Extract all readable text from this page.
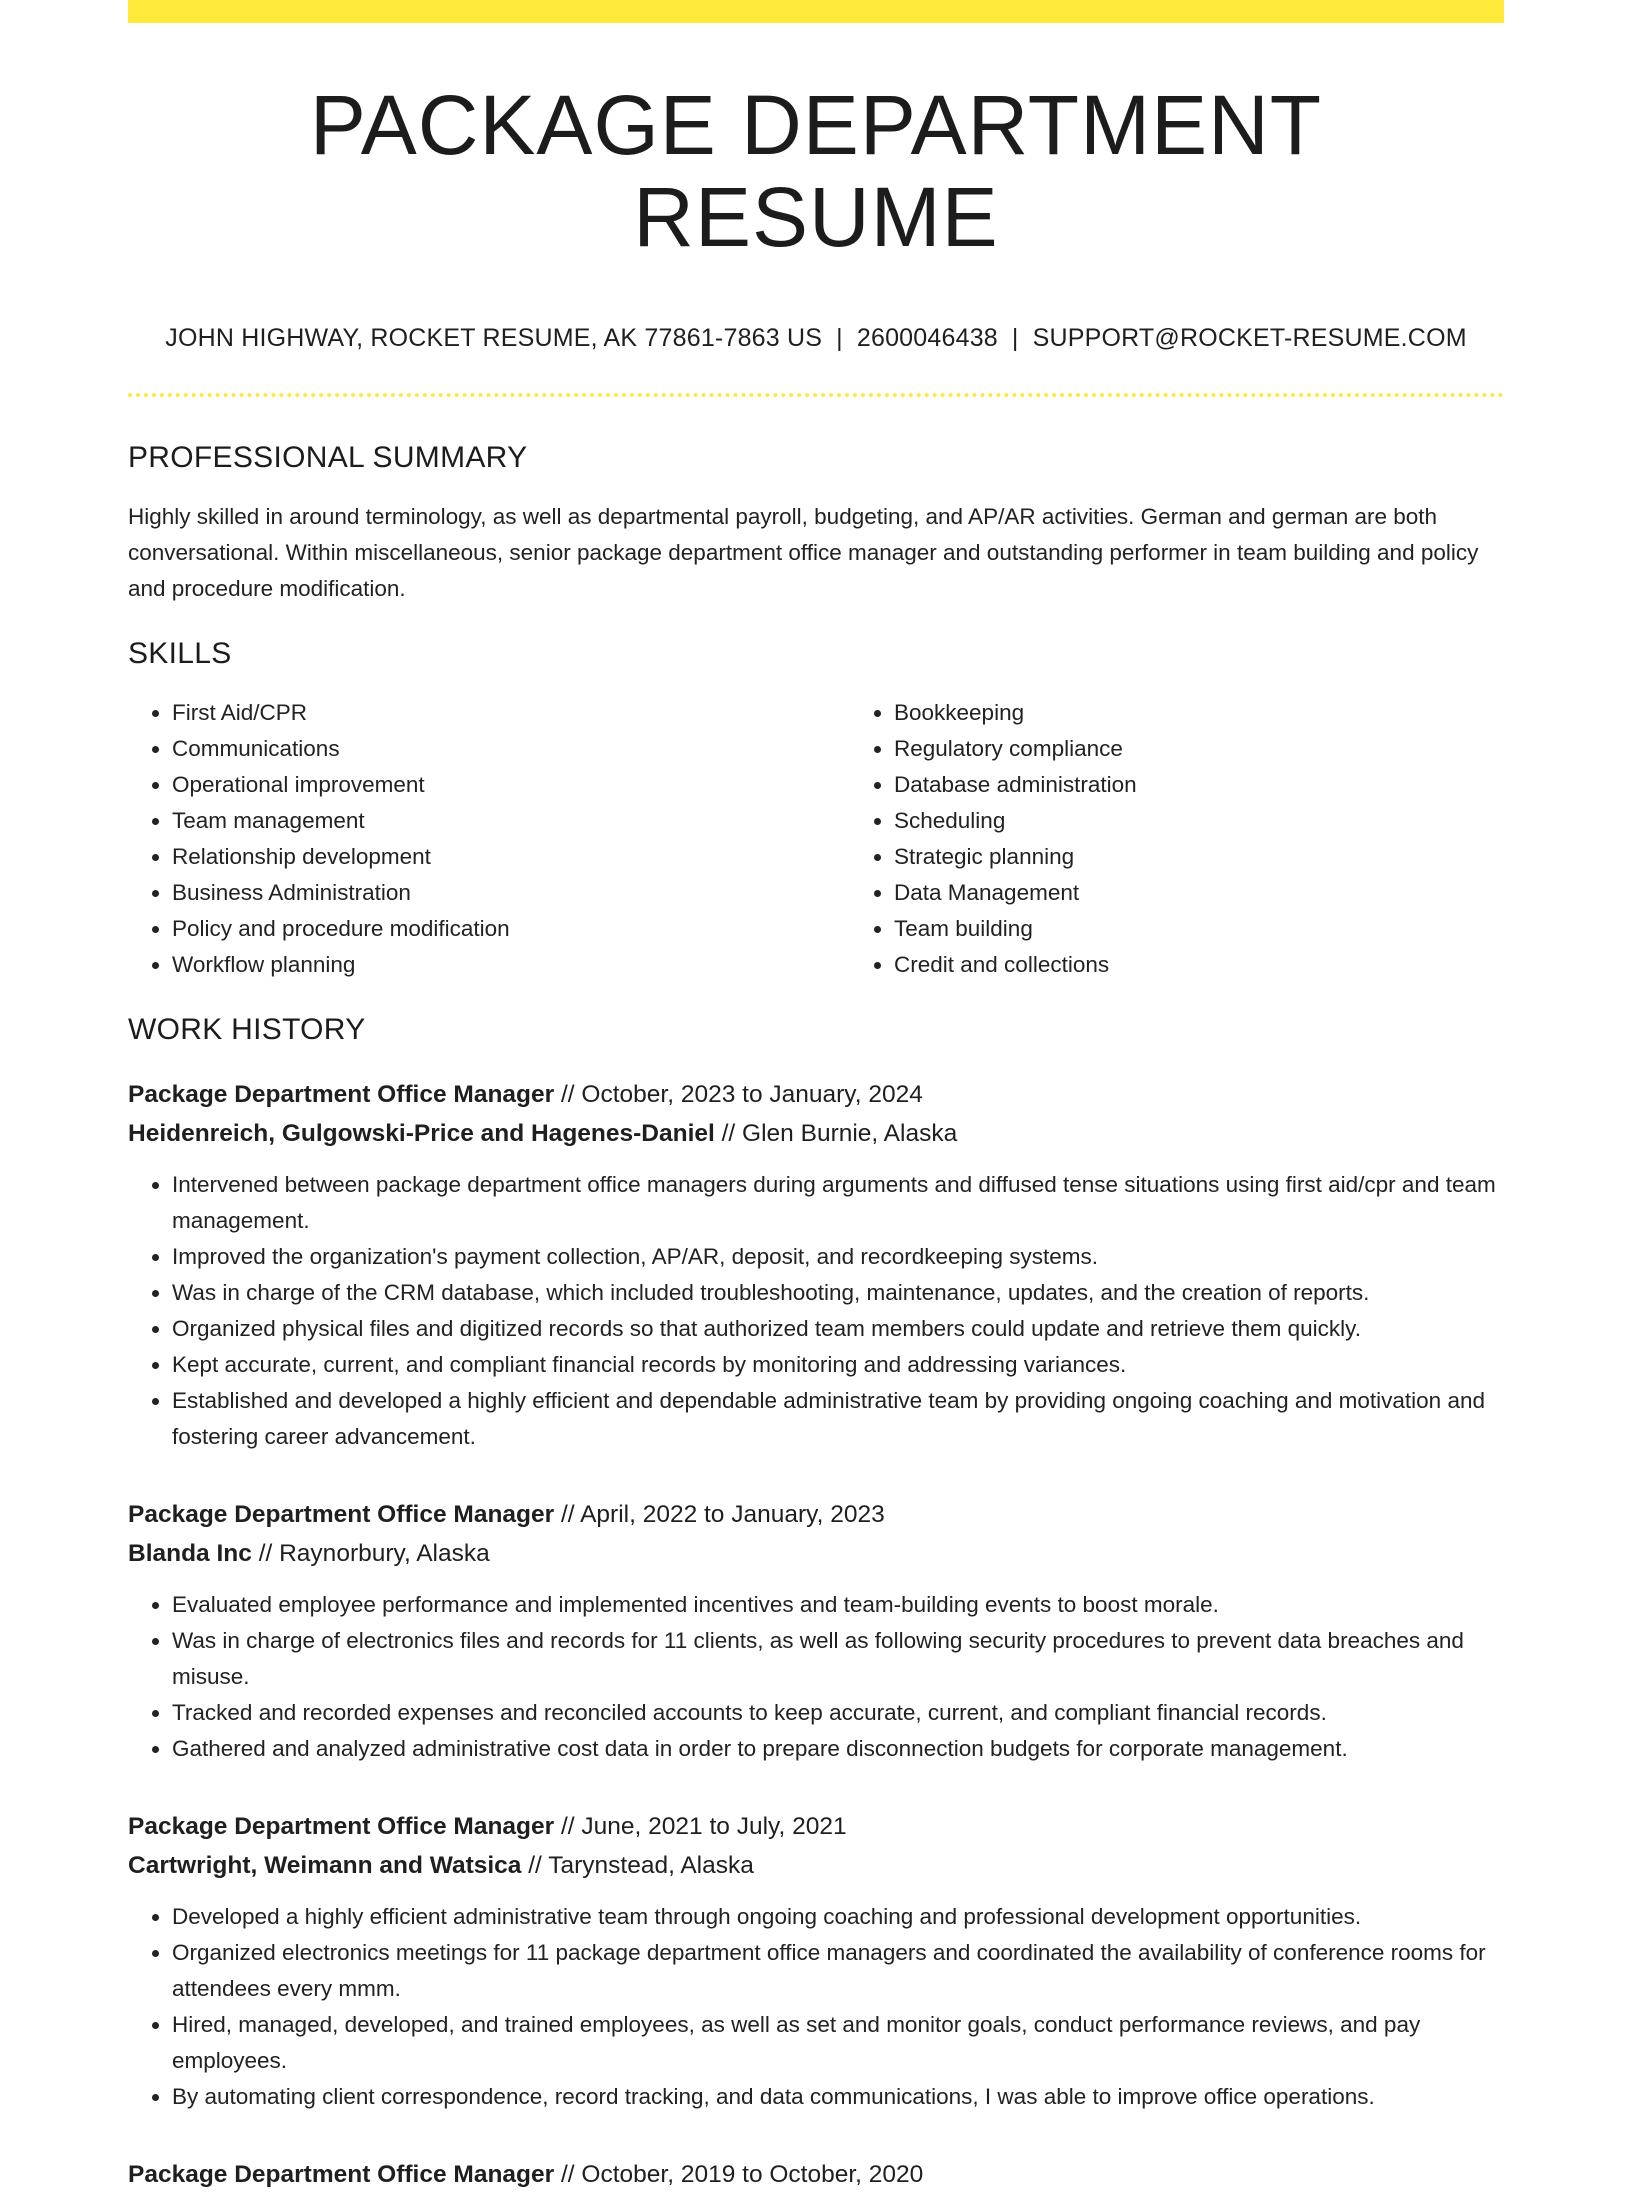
PACKAGE DEPARTMENT RESUME
JOHN HIGHWAY, ROCKET RESUME, AK 77861-7863 US | 2600046438 | SUPPORT@ROCKET-RESUME.COM
PROFESSIONAL SUMMARY

Highly skilled in around terminology, as well as departmental payroll, budgeting, and AP/AR activities. German and german are both conversational. Within miscellaneous, senior package department office manager and outstanding performer in team building and policy and procedure modification.

SKILLS
• First Aid/CPR
• Communications
• Operational improvement
• Team management
• Relationship development
• Business Administration
• Policy and procedure modification
• Workflow planning
• Bookkeeping
• Regulatory compliance
• Database administration
• Scheduling
• Strategic planning
• Data Management
• Team building
• Credit and collections
WORK HISTORY
Package Department Office Manager // October, 2023 to January, 2024
Heidenreich, Gulgowski-Price and Hagenes-Daniel // Glen Burnie, Alaska
• Intervened between package department office managers during arguments and diffused tense situations using first aid/cpr and team management.
• Improved the organization's payment collection, AP/AR, deposit, and recordkeeping systems.
• Was in charge of the CRM database, which included troubleshooting, maintenance, updates, and the creation of reports.
• Organized physical files and digitized records so that authorized team members could update and retrieve them quickly.
• Kept accurate, current, and compliant financial records by monitoring and addressing variances.
• Established and developed a highly efficient and dependable administrative team by providing ongoing coaching and motivation and fostering career advancement.
Package Department Office Manager // April, 2022 to January, 2023
Blanda Inc // Raynorbury, Alaska
• Evaluated employee performance and implemented incentives and team-building events to boost morale.
• Was in charge of electronics files and records for 11 clients, as well as following security procedures to prevent data breaches and misuse.
• Tracked and recorded expenses and reconciled accounts to keep accurate, current, and compliant financial records.
• Gathered and analyzed administrative cost data in order to prepare disconnection budgets for corporate management.
Package Department Office Manager // June, 2021 to July, 2021
Cartwright, Weimann and Watsica // Tarynstead, Alaska
• Developed a highly efficient administrative team through ongoing coaching and professional development opportunities.
• Organized electronics meetings for 11 package department office managers and coordinated the availability of conference rooms for attendees every mmm.
• Hired, managed, developed, and trained employees, as well as set and monitor goals, conduct performance reviews, and pay employees.
• By automating client correspondence, record tracking, and data communications, I was able to improve office operations.
Package Department Office Manager // October, 2019 to October, 2020
